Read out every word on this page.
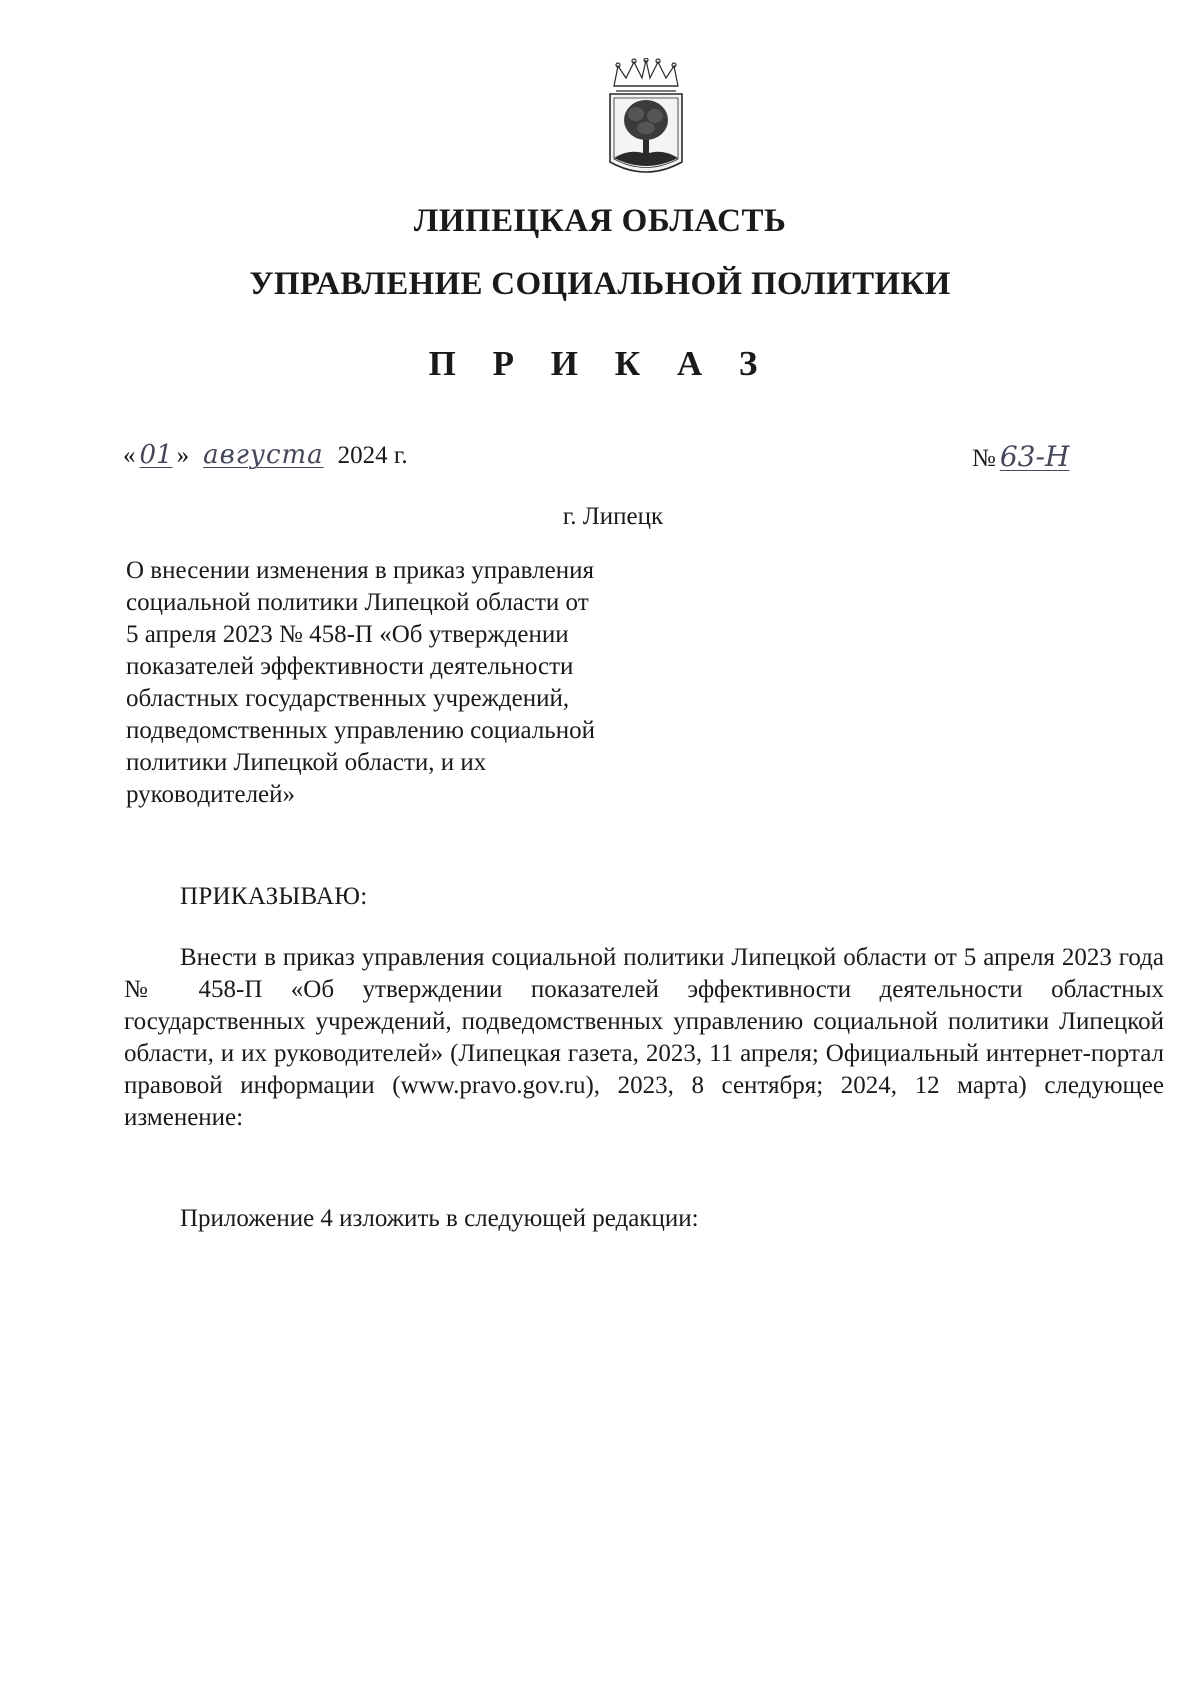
ЛИПЕЦКАЯ ОБЛАСТЬ
УПРАВЛЕНИЕ СОЦИАЛЬНОЙ ПОЛИТИКИ
П Р И К А З
« 01 » августа 2024 г.	№ 63-Н
г. Липецк
О внесении изменения в приказ управления
социальной политики Липецкой области от
5 апреля 2023 № 458-П «Об утверждении
показателей эффективности деятельности
областных государственных учреждений,
подведомственных управлению социальной
политики Липецкой области, и их
руководителей»
ПРИКАЗЫВАЮ:

Внести в приказ управления социальной политики Липецкой области от 5 апреля 2023 года № 458-П «Об утверждении показателей эффективности деятельности областных государственных учреждений, подведомственных управлению социальной политики Липецкой области, и их руководителей» (Липецкая газета, 2023, 11 апреля; Официальный интернет-портал правовой информации (www.pravo.gov.ru), 2023, 8 сентября; 2024, 12 марта) следующее изменение:

Приложение 4 изложить в следующей редакции:
